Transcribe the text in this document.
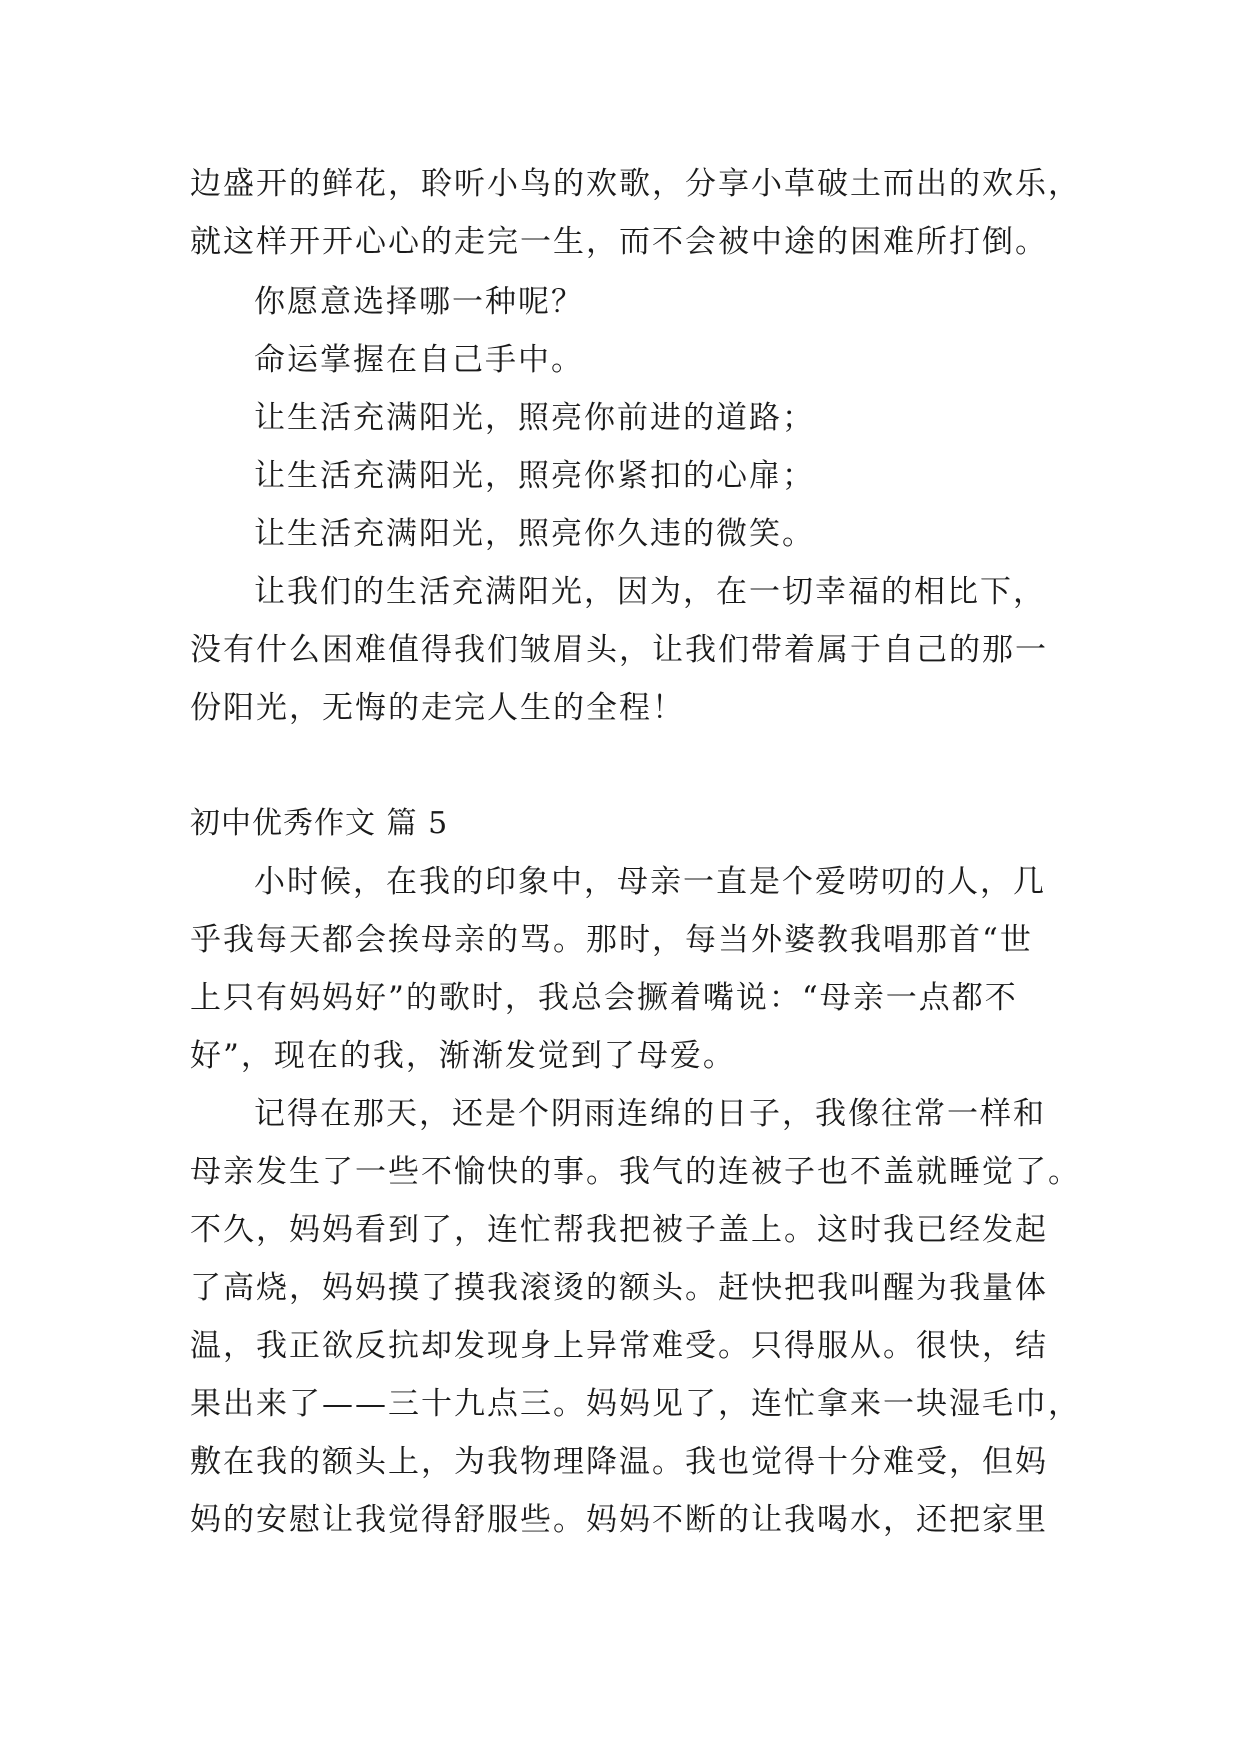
边盛开的鲜花，聆听小鸟的欢歌，分享小草破土而出的欢乐，
就这样开开心心的走完一生，而不会被中途的困难所打倒。
你愿意选择哪一种呢？
命运掌握在自己手中。
让生活充满阳光，照亮你前进的道路；
让生活充满阳光，照亮你紧扣的心扉；
让生活充满阳光，照亮你久违的微笑。
让我们的生活充满阳光，因为，在一切幸福的相比下，
没有什么困难值得我们皱眉头，让我们带着属于自己的那一
份阳光，无悔的走完人生的全程！
初中优秀作文 篇 5
小时候，在我的印象中，母亲一直是个爱唠叨的人，几
乎我每天都会挨母亲的骂。那时，每当外婆教我唱那首“世
上只有妈妈好”的歌时，我总会撅着嘴说：“母亲一点都不
好”，现在的我，渐渐发觉到了母爱。
记得在那天，还是个阴雨连绵的日子，我像往常一样和
母亲发生了一些不愉快的事。我气的连被子也不盖就睡觉了。
不久，妈妈看到了，连忙帮我把被子盖上。这时我已经发起
了高烧，妈妈摸了摸我滚烫的额头。赶快把我叫醒为我量体
温，我正欲反抗却发现身上异常难受。只得服从。很快，结
果出来了——三十九点三。妈妈见了，连忙拿来一块湿毛巾，
敷在我的额头上，为我物理降温。我也觉得十分难受，但妈
妈的安慰让我觉得舒服些。妈妈不断的让我喝水，还把家里
